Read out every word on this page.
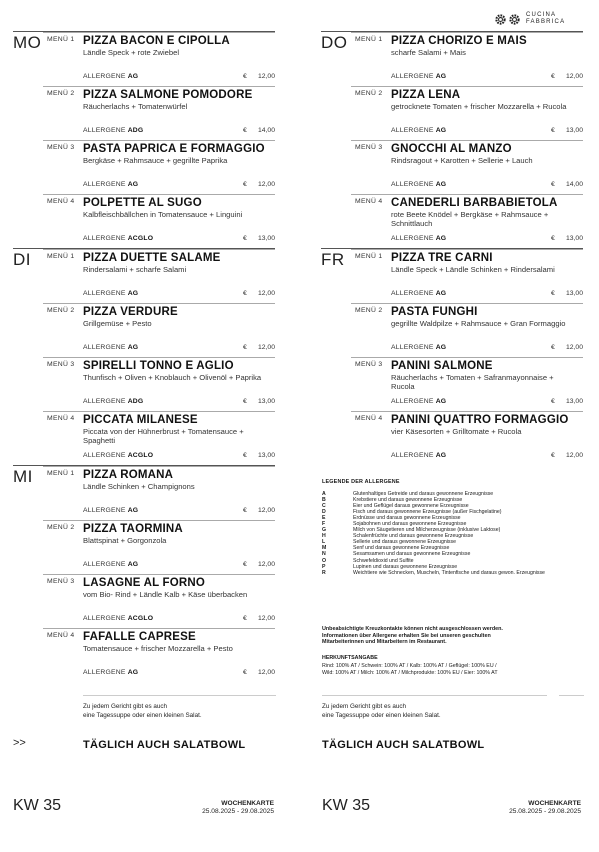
CUCINA
FABBRICA
MO MENÜ 1 PIZZA BACON E CIPOLLA
Ländle Speck + rote Zwiebel
ALLERGENE AG	€ 12,00
MENÜ 2 PIZZA SALMONE POMODORE
Räucherlachs + Tomatenwürfel
ALLERGENE ADG	€ 14,00
MENÜ 3 PASTA PAPRICA E FORMAGGIO
Bergkäse + Rahmsauce + gegrillte Paprika
ALLERGENE AG	€ 12,00
MENÜ 4 POLPETTE AL SUGO
Kalbfleischbällchen in Tomatensauce + Linguini
ALLERGENE ACGLO	€ 13,00
DI MENÜ 1 PIZZA DUETTE SALAME
Rindersalami + scharfe Salami
ALLERGENE AG	€ 12,00
MENÜ 2 PIZZA VERDURE
Grillgemüse + Pesto
ALLERGENE AG	€ 12,00
MENÜ 3 SPIRELLI TONNO E AGLIO
Thunfisch + Oliven + Knoblauch + Olivenöl + Paprika
ALLERGENE ADG	€ 13,00
MENÜ 4 PICCATA MILANESE
Piccata von der Hühnerbrust + Tomatensauce + Spaghetti
ALLERGENE ACGLO	€ 13,00
MI MENÜ 1 PIZZA ROMANA
Ländle Schinken + Champignons
ALLERGENE AG	€ 12,00
MENÜ 2 PIZZA TAORMINA
Blattspinat + Gorgonzola
ALLERGENE AG	€ 12,00
MENÜ 3 LASAGNE AL FORNO
vom Bio- Rind + Ländle Kalb + Käse überbacken
ALLERGENE ACGLO	€ 12,00
MENÜ 4 FAFALLE CAPRESE
Tomatensauce + frischer Mozzarella + Pesto
ALLERGENE AG	€ 12,00
DO MENÜ 1 PIZZA CHORIZO E MAIS
scharfe Salami + Mais
ALLERGENE AG	€ 12,00
MENÜ 2 PIZZA LENA
getrocknete Tomaten + frischer Mozzarella + Rucola
ALLERGENE AG	€ 13,00
MENÜ 3 GNOCCHI AL MANZO
Rindsragout + Karotten + Sellerie + Lauch
ALLERGENE AG	€ 14,00
MENÜ 4 CANEDERLI BARBABIETOLA
rote Beete Knödel + Bergkäse + Rahmsauce + Schnittlauch
ALLERGENE AG	€ 13,00
FR MENÜ 1 PIZZA TRE CARNI
Ländle Speck + Ländle Schinken + Rindersalami
ALLERGENE AG	€ 13,00
MENÜ 2 PASTA FUNGHI
gegrillte Waldpilze + Rahmsauce + Gran Formaggio
ALLERGENE AG	€ 12,00
MENÜ 3 PANINI SALMONE
Räucherlachs + Tomaten + Safranmayonnaise + Rucola
ALLERGENE AG	€ 13,00
MENÜ 4 PANINI QUATTRO FORMAGGIO
vier Käsesorten + Grilltomate + Rucola
ALLERGENE AG	€ 12,00
LEGENDE DER ALLERGENE
A	Glutenhaltiges Getreide und daraus gewonnene Erzeugnisse
B	Krebstiere und daraus gewonnene Erzeugnisse
C	Eier und Geflügel daraus gewonnene Erzeugnisse
D	Fisch und daraus gewonnene Erzeugnisse (außer Fischgelatine)
E	Erdnüsse und daraus gewonnene Erzeugnisse
F	Sojabohnen und daraus gewonnene Erzeugnisse
G	Milch von Säugetieren und Milcherzeugnisse (inklusive Laktose)
H	Schalenfrüchte und daraus gewonnene Erzeugnisse
L	Sellerie und daraus gewonnene Erzeugnisse
M	Senf und daraus gewonnene Erzeugnisse
N	Sesamsamen und daraus gewonnene Erzeugnisse
O	Schwefeldioxid und Sulfite
P	Lupinen und daraus gewonnene Erzeugnisse
R	Weichtiere wie Schnecken, Muscheln, Tintenfische und daraus gewon. Erzeugnisse
Unbeabsichtigte Kreuzkontakte können nicht ausgeschlossen werden.
Informationen über Allergene erhalten Sie bei unseren geschulten
Mitarbeiterinnen und Mitarbeitern im Restaurant.
HERKUNFTSANGABE
Rind: 100% AT / Schwein: 100% AT / Kalb: 100% AT / Geflügel: 100% EU /
Wild: 100% AT / Milch: 100% AT / Milchprodukte: 100% EU / Eier: 100% AT
Zu jedem Gericht gibt es auch
eine Tagessuppe oder einen kleinen Salat.
Zu jedem Gericht gibt es auch
eine Tagessuppe oder einen kleinen Salat.
>>	TÄGLICH AUCH SALATBOWL	TÄGLICH AUCH SALATBOWL
KW 35	WOCHENKARTE
25.08.2025 - 29.08.2025	KW 35	WOCHENKARTE
25.08.2025 - 29.08.2025
